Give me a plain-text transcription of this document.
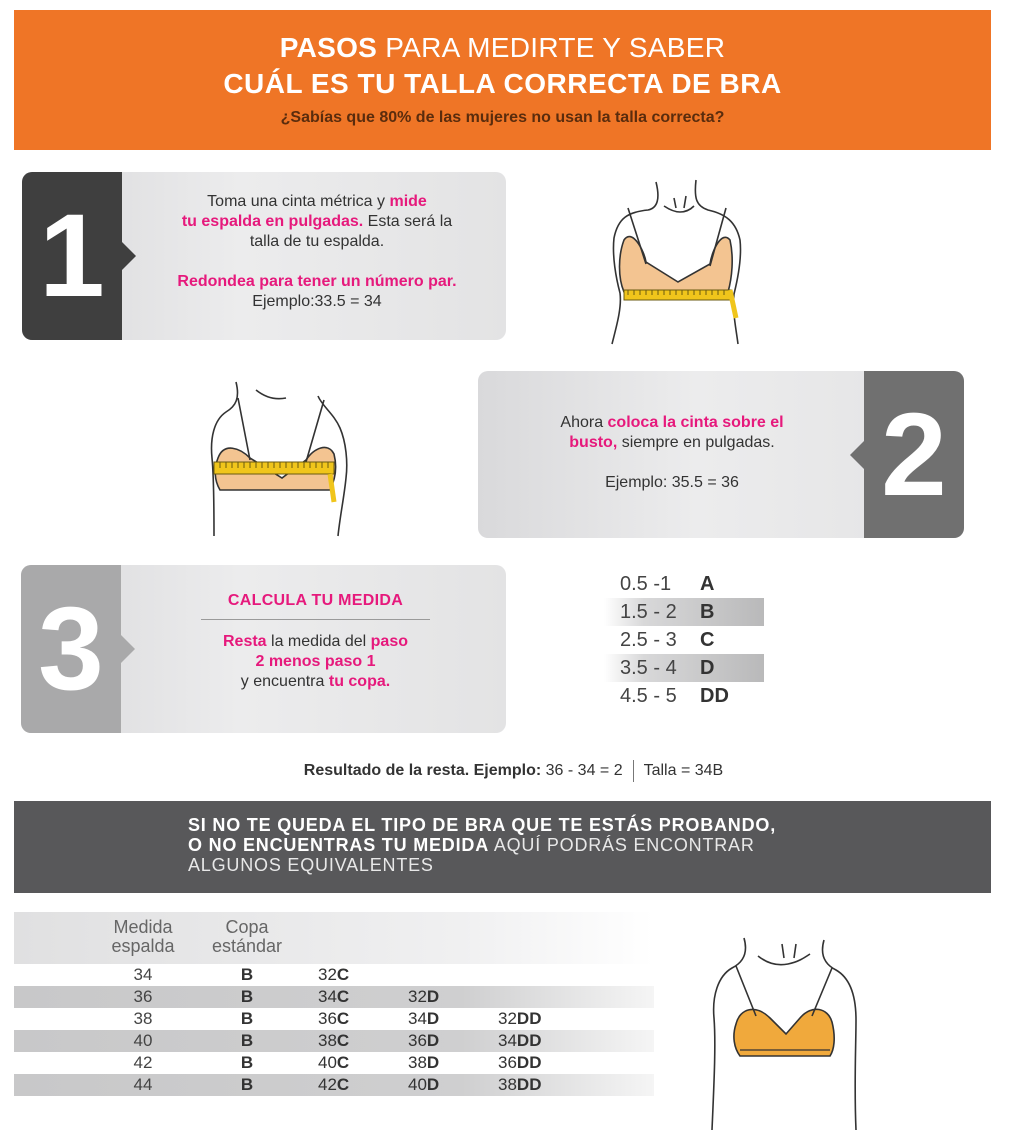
PASOS PARA MEDIRTE Y SABER
CUÁL ES TU TALLA CORRECTA DE BRA
¿Sabías que 80% de las mujeres no usan la talla correcta?
1	Toma una cinta métrica y mide
tu espalda en pulgadas. Esta será la
talla de tu espalda.
Redondea para tener un número par.
Ejemplo:33.5 = 34
2
Ahora coloca la cinta sobre el
busto, siempre en pulgadas.
Ejemplo: 35.5 = 36
3	CALCULA TU MEDIDA
Resta la medida del paso
2 menos paso 1
y encuentra tu copa.
0.5 -1 A
1.5 - 2 B
2.5 - 3 C
3.5 - 4 D
4.5 - 5 DD
Resultado de la resta. Ejemplo: 36 - 34 = 2 Talla = 34B
SI NO TE QUEDA EL TIPO DE BRA QUE TE ESTÁS PROBANDO,
O NO ENCUENTRAS TU MEDIDA AQUÍ PODRÁS ENCONTRAR
ALGUNOS EQUIVALENTES
Medida
espalda
Copa
estándar
34	B	32C
36	B	34C	32D
38	B	36C	34D	32DD
40	B	38C	36D	34DD
42	B	40C	38D	36DD
44	B	42C	40D	38DD
